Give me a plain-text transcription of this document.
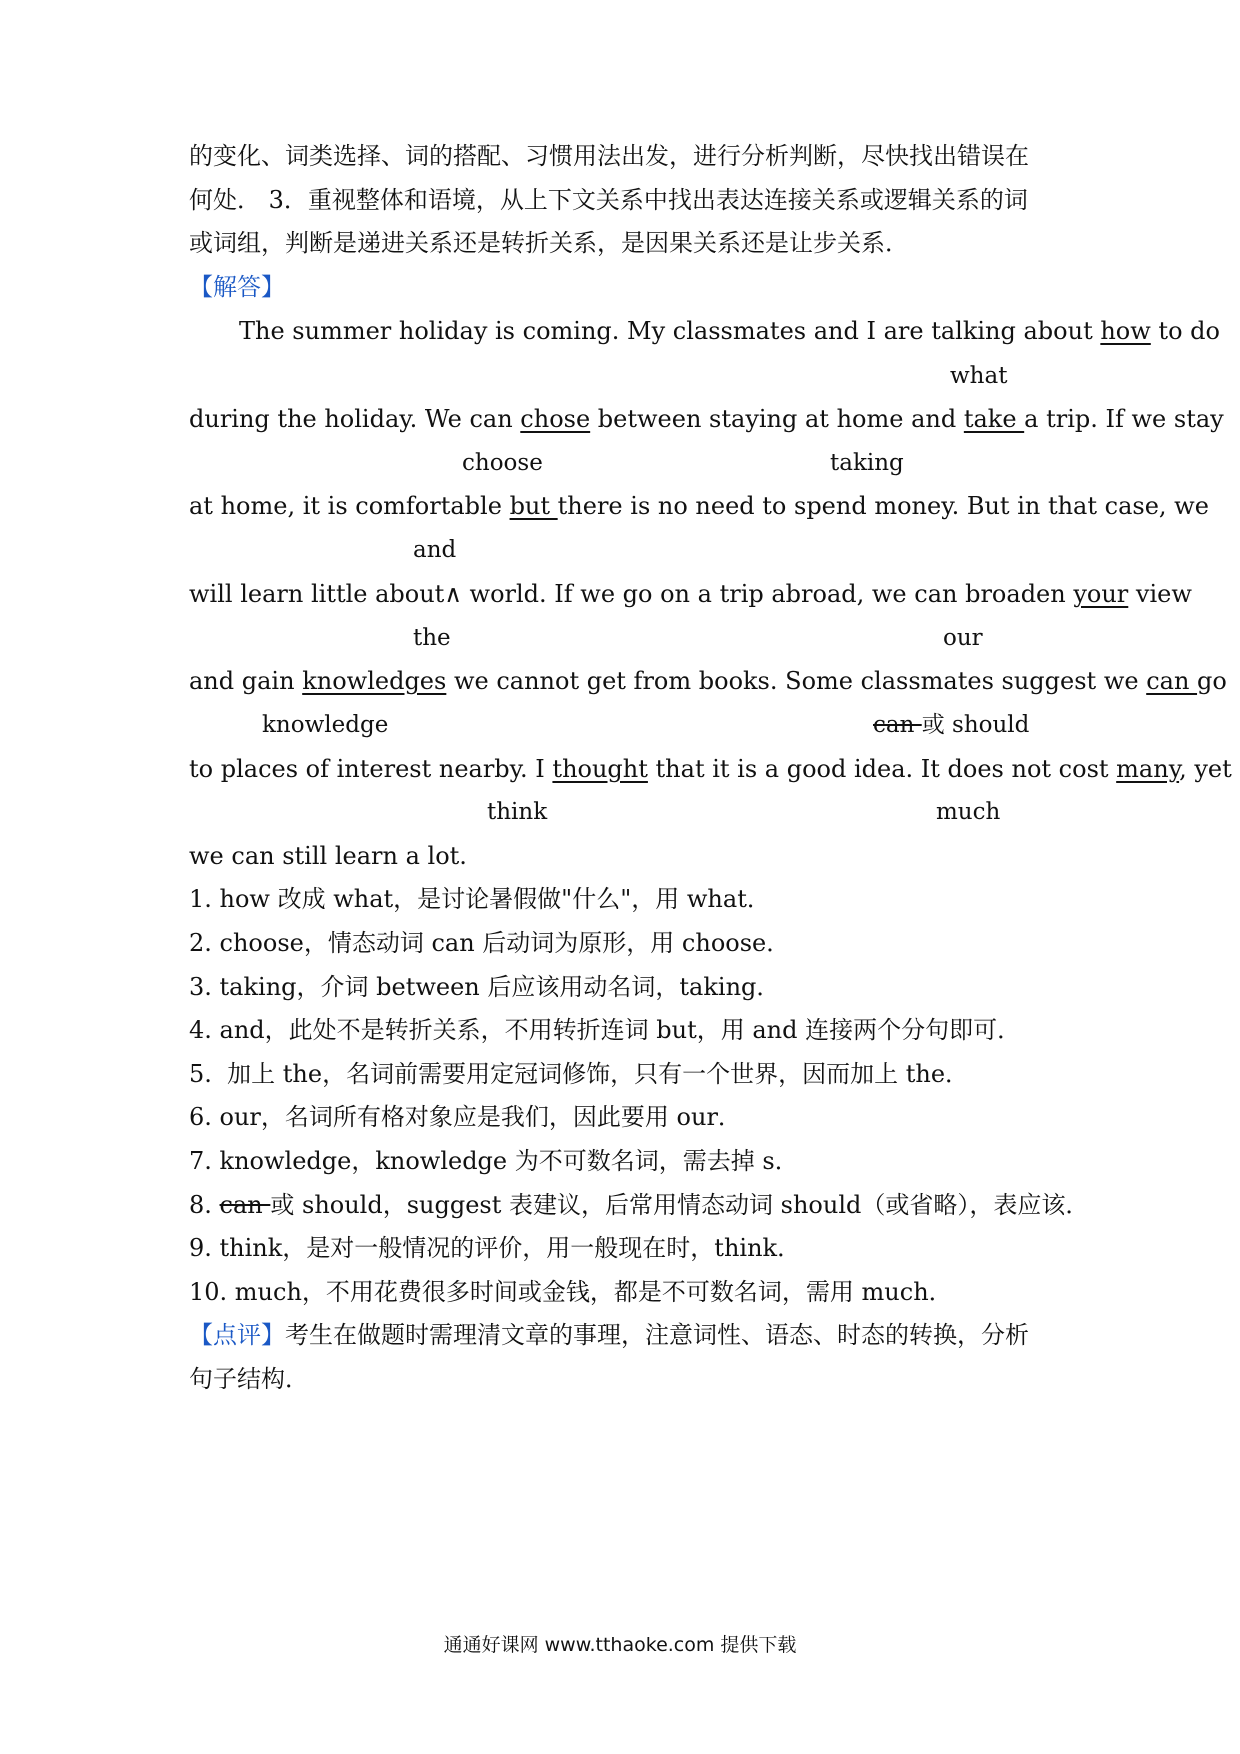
的变化、词类选择、词的搭配、习惯用法出发，进行分析判断，尽快找出错误在
何处． 3．重视整体和语境，从上下文关系中找出表达连接关系或逻辑关系的词
或词组，判断是递进关系还是转折关系，是因果关系还是让步关系．
【解答】
The summer holiday is coming. My classmates and I are talking about how to do
what
during the holiday. We can chose between staying at home and take a trip. If we stay
choose	taking
at home, it is comfortable but there is no need to spend money. But in that case, we
and
will learn little about∧ world. If we go on a trip abroad, we can broaden your view
the	our
and gain knowledges we cannot get from books. Some classmates suggest we can go
knowledge	can 或 should
to places of interest nearby. I thought that it is a good idea. It does not cost many, yet
think	much
we can still learn a lot.
1. how 改成 what，是讨论暑假做"什么"，用 what．
2. choose，情态动词 can 后动词为原形，用 choose．
3. taking，介词 between 后应该用动名词，taking．
4. and，此处不是转折关系，不用转折连词 but，用 and 连接两个分句即可．
5.  加上 the，名词前需要用定冠词修饰，只有一个世界，因而加上 the．
6. our，名词所有格对象应是我们，因此要用 our．
7. knowledge，knowledge 为不可数名词，需去掉 s．
8. can 或 should，suggest 表建议，后常用情态动词 should（或省略），表应该．
9. think，是对一般情况的评价，用一般现在时，think．
10. much，不用花费很多时间或金钱，都是不可数名词，需用 much．
【点评】考生在做题时需理清文章的事理，注意词性、语态、时态的转换，分析
句子结构．
通通好课网 www.tthaoke.com 提供下载
